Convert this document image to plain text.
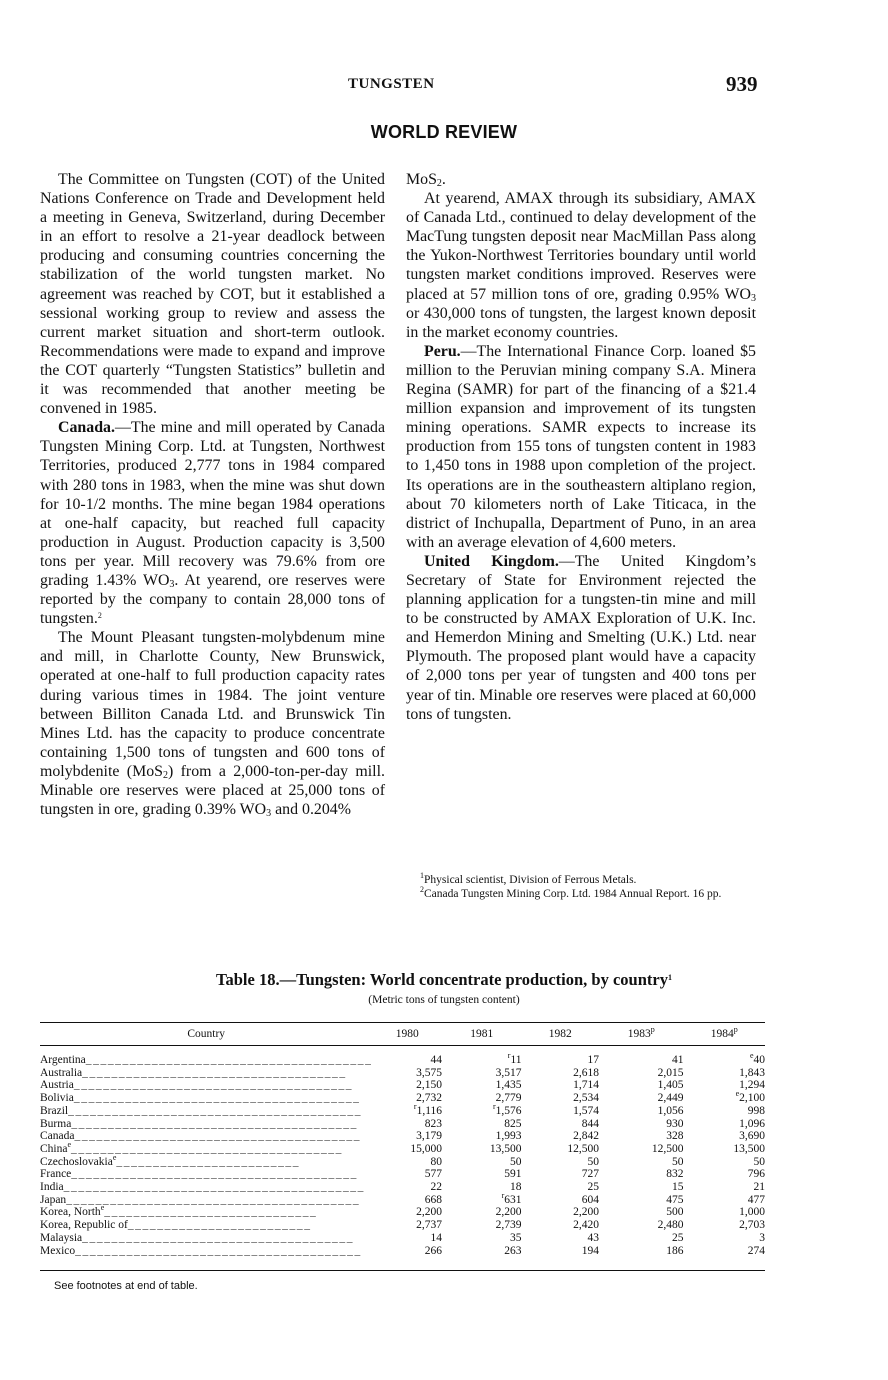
TUNGSTEN	939
WORLD REVIEW

The Committee on Tungsten (COT) of the United Nations Conference on Trade and Development held a meeting in Geneva, Switzerland, during December in an effort to resolve a 21-year deadlock between producing and consuming countries concerning the stabilization of the world tungsten market. No agreement was reached by COT, but it established a sessional working group to review and assess the current market situation and short-term outlook. Recommendations were made to expand and improve the COT quarterly “Tungsten Statistics” bulletin and it was recommended that another meeting be convened in 1985.

Canada.—The mine and mill operated by Canada Tungsten Mining Corp. Ltd. at Tungsten, Northwest Territories, produced 2,777 tons in 1984 compared with 280 tons in 1983, when the mine was shut down for 10-1/2 months. The mine began 1984 operations at one-half capacity, but reached full capacity production in August. Production capacity is 3,500 tons per year. Mill recovery was 79.6% from ore grading 1.43% $WO_3$. At yearend, ore reserves were reported by the company to contain 28,000 tons of tungsten.$^2$

The Mount Pleasant tungsten-molybdenum mine and mill, in Charlotte County, New Brunswick, operated at one-half to full production capacity rates during various times in 1984. The joint venture between Billiton Canada Ltd. and Brunswick Tin Mines Ltd. has the capacity to produce concentrate containing 1,500 tons of tungsten and 600 tons of molybdenite (MoS$_2$) from a 2,000-ton-per-day mill. Minable ore reserves were placed at 25,000 tons of tungsten in ore, grading 0.39% $WO_3$ and 0.204%

MoS$_2$.

At yearend, AMAX through its subsidiary, AMAX of Canada Ltd., continued to delay development of the MacTung tungsten deposit near MacMillan Pass along the Yukon-Northwest Territories boundary until world tungsten market conditions improved. Reserves were placed at 57 million tons of ore, grading 0.95% $WO_3$ or 430,000 tons of tungsten, the largest known deposit in the market economy countries.

Peru.—The International Finance Corp. loaned $5 million to the Peruvian mining company S.A. Minera Regina (SAMR) for part of the financing of a $21.4 million expansion and improvement of its tungsten mining operations. SAMR expects to increase its production from 155 tons of tungsten content in 1983 to 1,450 tons in 1988 upon completion of the project. Its operations are in the southeastern altiplano region, about 70 kilometers north of Lake Titicaca, in the district of Inchupalla, Department of Puno, in an area with an average elevation of 4,600 meters.

United Kingdom.—The United Kingdom’s Secretary of State for Environment rejected the planning application for a tungsten-tin mine and mill to be constructed by AMAX Exploration of U.K. Inc. and Hemerdon Mining and Smelting (U.K.) Ltd. near Plymouth. The proposed plant would have a capacity of 2,000 tons per year of tungsten and 400 tons per year of tin. Minable ore reserves were placed at 60,000 tons of tungsten.

$^1$Physical scientist, Division of Ferrous Metals.

$^2$Canada Tungsten Mining Corp. Ltd. 1984 Annual Report. 16 pp.

Table 18.—Tungsten: World concentrate production, by country$^1$
(Metric tons of tungsten content)
Country	1980	1981	1982	1983$^p$	1984$^p$
Argentina_______________________________________	44	$^r$11	17	41	$^e$40
Australia____________________________________	3,575	3,517	2,618	2,015	1,843
Austria______________________________________	2,150	1,435	1,714	1,405	1,294
Bolivia_______________________________________	2,732	2,779	2,534	2,449	$^e$2,100
Brazil________________________________________	$^r$1,116	$^r$1,576	1,574	1,056	998
Burma_______________________________________	823	825	844	930	1,096
Canada_______________________________________	3,179	1,993	2,842	328	3,690
China$^e$_____________________________________	15,000	13,500	12,500	12,500	13,500
Czechoslovakia$^e$_________________________	80	50	50	50	50
France_______________________________________	577	591	727	832	796
India_________________________________________	22	18	25	15	21
Japan________________________________________	668	$^r$631	604	475	477
Korea, North$^e$_____________________________	2,200	2,200	2,200	500	1,000
Korea, Republic of_________________________	2,737	2,739	2,420	2,480	2,703
Malaysia_____________________________________	14	35	43	25	3
Mexico_______________________________________	266	263	194	186	274
See footnotes at end of table.
